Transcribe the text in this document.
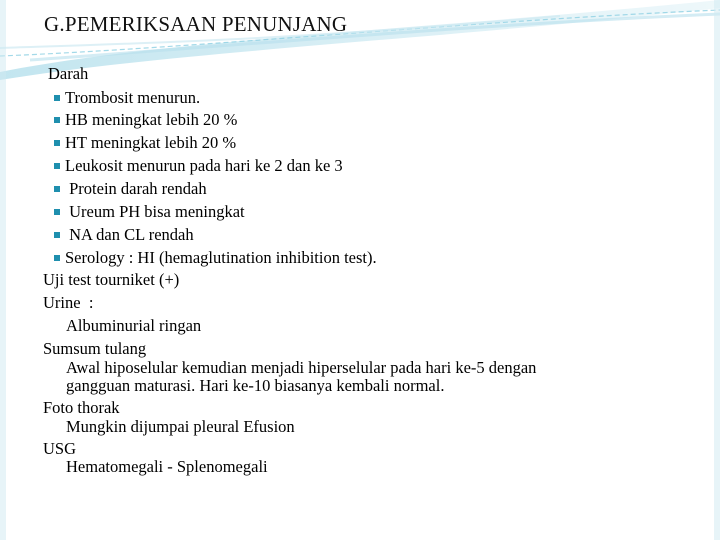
G.PEMERIKSAAN PENUNJANG
Darah
Trombosit menurun.
HB meningkat lebih 20 %
HT meningkat lebih 20 %
Leukosit menurun pada hari ke 2 dan ke 3
Protein darah rendah
Ureum PH bisa meningkat
NA dan CL rendah
Serology : HI (hemaglutination inhibition test).
Uji test tourniket (+)
Urine  :
Albuminurial ringan
Sumsum tulang
Awal hiposelular kemudian menjadi hiperselular pada hari ke-5 dengan
gangguan maturasi. Hari ke-10 biasanya kembali normal.
Foto thorak
Mungkin dijumpai pleural Efusion
USG
Hematomegali - Splenomegali
